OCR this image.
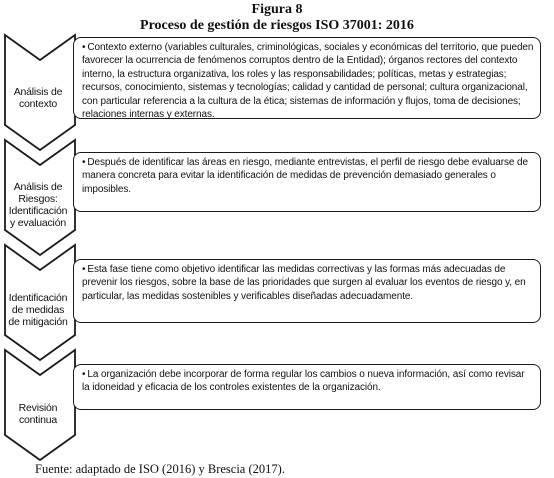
Figura 8
Proceso de gestión de riesgos ISO 37001: 2016
Análisis de contexto
Análisis de Riesgos: Identificación y evaluación
Identificación de medidas de mitigación
Revisión continua
• Contexto externo (variables culturales, criminológicas, sociales y económicas del territorio, que pueden favorecer la ocurrencia de fenómenos corruptos dentro de la Entidad); órganos rectores del contexto interno, la estructura organizativa, los roles y las responsabilidades; políticas, metas y estrategias; recursos, conocimiento, sistemas y tecnologías; calidad y cantidad de personal; cultura organizacional, con particular referencia a la cultura de la ética; sistemas de información y flujos, toma de decisiones; relaciones internas y externas.
• Después de identificar las áreas en riesgo, mediante entrevistas, el perfil de riesgo debe evaluarse de manera concreta para evitar la identificación de medidas de prevención demasiado generales o imposibles.
• Esta fase tiene como objetivo identificar las medidas correctivas y las formas más adecuadas de prevenir los riesgos, sobre la base de las prioridades que surgen al evaluar los eventos de riesgo y, en particular, las medidas sostenibles y verificables diseñadas adecuadamente.
• La organización debe incorporar de forma regular los cambios o nueva información, así como revisar la idoneidad y eficacia de los controles existentes de la organización.
Fuente: adaptado de ISO (2016) y Brescia (2017).
